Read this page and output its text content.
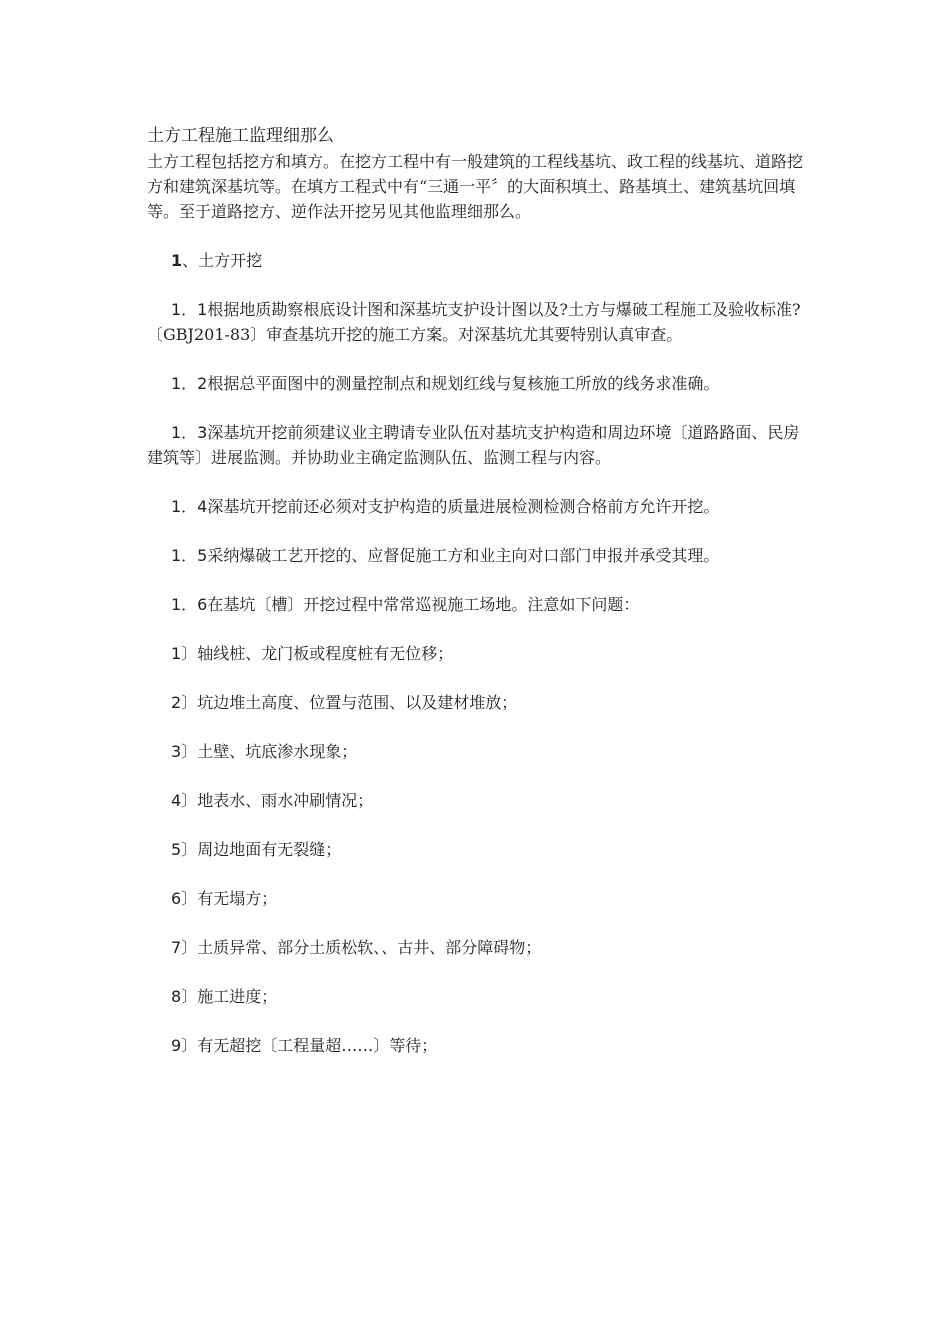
土方工程施工监理细那么

土方工程包括挖方和填方。在挖方工程中有一般建筑的工程线基坑、政工程的线基坑、道路挖方和建筑深基坑等。在填方工程式中有“三通一平〞的大面积填土、路基填土、建筑基坑回填等。至于道路挖方、逆作法开挖另见其他监理细那么。

1、土方开挖

1．1根据地质勘察根底设计图和深基坑支护设计图以及?土方与爆破工程施工及验收标准?〔GBJ201-83〕审查基坑开挖的施工方案。对深基坑尤其要特别认真审查。

1．2根据总平面图中的测量控制点和规划红线与复核施工所放的线务求准确。

1．3深基坑开挖前须建议业主聘请专业队伍对基坑支护构造和周边环境〔道路路面、民房建筑等〕进展监测。并协助业主确定监测队伍、监测工程与内容。

1．4深基坑开挖前还必须对支护构造的质量进展检测检测合格前方允许开挖。

1．5采纳爆破工艺开挖的、应督促施工方和业主向对口部门申报并承受其理。

1．6在基坑〔槽〕开挖过程中常常巡视施工场地。注意如下问题：

1〕轴线桩、龙门板或程度桩有无位移；

2〕坑边堆土高度、位置与范围、以及建材堆放；

3〕土壁、坑底渗水现象；

4〕地表水、雨水冲刷情况；

5〕周边地面有无裂缝；

6〕有无塌方；

7〕土质异常、部分土质松软、、古井、部分障碍物；

8〕施工进度；

9〕有无超挖〔工程量超……〕等待；
